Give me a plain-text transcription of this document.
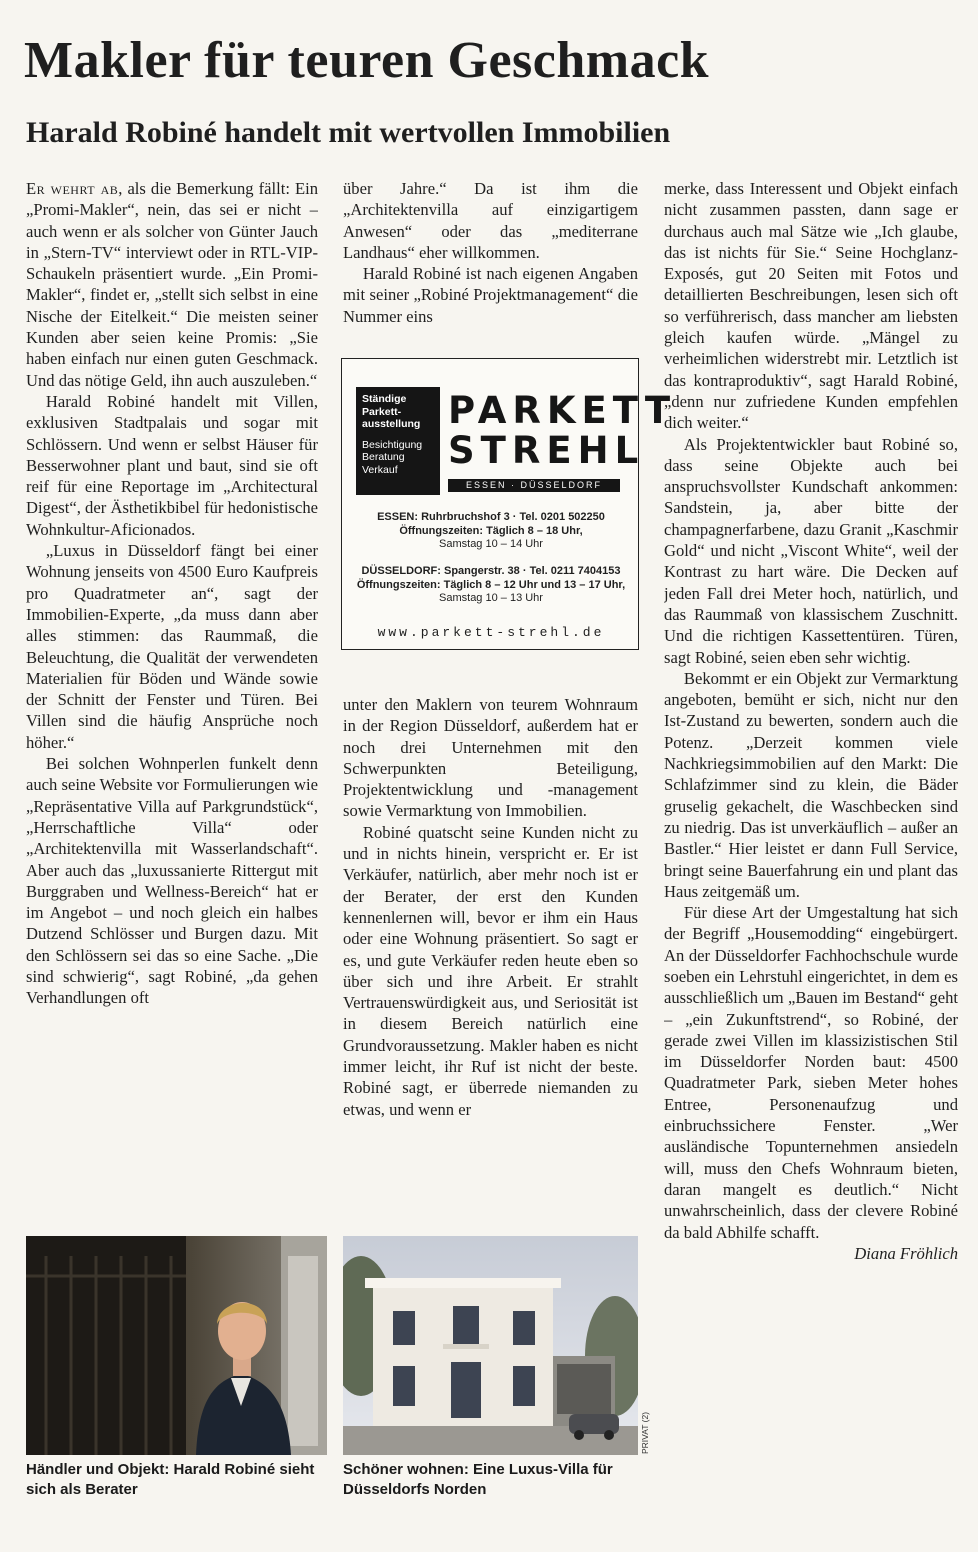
Makler für teuren Geschmack
Harald Robiné handelt mit wertvollen Immobilien

Er wehrt ab, als die Bemerkung fällt: Ein „Promi-Makler“, nein, das sei er nicht – auch wenn er als solcher von Günter Jauch in „Stern-TV“ interviewt oder in RTL-VIP-Schaukeln präsentiert wurde. „Ein Promi-Makler“, findet er, „stellt sich selbst in eine Nische der Eitelkeit.“ Die meisten seiner Kunden aber seien keine Promis: „Sie haben einfach nur einen guten Geschmack. Und das nötige Geld, ihn auch auszuleben.“

Harald Robiné handelt mit Villen, exklusiven Stadtpalais und sogar mit Schlössern. Und wenn er selbst Häuser für Besserwohner plant und baut, sind sie oft reif für eine Reportage im „Architectural Digest“, der Ästhetikbibel für hedonistische Wohnkultur-Aficionados.

„Luxus in Düsseldorf fängt bei einer Wohnung jenseits von 4500 Euro Kaufpreis pro Quadratmeter an“, sagt der Immobilien-Experte, „da muss dann aber alles stimmen: das Raummaß, die Beleuchtung, die Qualität der verwendeten Materialien für Böden und Wände sowie der Schnitt der Fenster und Türen. Bei Villen sind die häufig Ansprüche noch höher.“

Bei solchen Wohnperlen funkelt denn auch seine Website vor Formulierungen wie „Repräsentative Villa auf Parkgrundstück“, „Herrschaftliche Villa“ oder „Architektenvilla mit Wasserlandschaft“. Aber auch das „luxussanierte Rittergut mit Burggraben und Wellness-Bereich“ hat er im Angebot – und noch gleich ein halbes Dutzend Schlösser und Burgen dazu. Mit den Schlössern sei das so eine Sache. „Die sind schwierig“, sagt Robiné, „da gehen Verhandlungen oft

über Jahre.“ Da ist ihm die „Architektenvilla auf einzigartigem Anwesen“ oder das „mediterrane Landhaus“ eher willkommen.

Harald Robiné ist nach eigenen Angaben mit seiner „Robiné Projektmanagement“ die Nummer eins

Ständige Parkett-ausstellung
Besichtigung Beratung Verkauf
PARKETT
STREHL
ESSEN · DÜSSELDORF
ESSEN: Ruhrbruchshof 3 · Tel. 0201 502250
Öffnungszeiten: Täglich 8 – 18 Uhr,
Samstag 10 – 14 Uhr
DÜSSELDORF: Spangerstr. 38 · Tel. 0211 7404153
Öffnungszeiten: Täglich 8 – 12 Uhr und 13 – 17 Uhr,
Samstag 10 – 13 Uhr
www.parkett-strehl.de

unter den Maklern von teurem Wohnraum in der Region Düsseldorf, außerdem hat er noch drei Unternehmen mit den Schwerpunkten Beteiligung, Projektentwicklung und -management sowie Vermarktung von Immobilien.

Robiné quatscht seine Kunden nicht zu und in nichts hinein, verspricht er. Er ist Verkäufer, natürlich, aber mehr noch ist er der Berater, der erst den Kunden kennenlernen will, bevor er ihm ein Haus oder eine Wohnung präsentiert. So sagt er es, und gute Verkäufer reden heute eben so über sich und ihre Arbeit. Er strahlt Vertrauenswürdigkeit aus, und Seriosität ist in diesem Bereich natürlich eine Grundvoraussetzung. Makler haben es nicht immer leicht, ihr Ruf ist nicht der beste. Robiné sagt, er überrede niemanden zu etwas, und wenn er

merke, dass Interessent und Objekt einfach nicht zusammen passten, dann sage er durchaus auch mal Sätze wie „Ich glaube, das ist nichts für Sie.“ Seine Hochglanz-Exposés, gut 20 Seiten mit Fotos und detaillierten Beschreibungen, lesen sich oft so verführerisch, dass mancher am liebsten gleich kaufen würde. „Mängel zu verheimlichen widerstrebt mir. Letztlich ist das kontraproduktiv“, sagt Harald Robiné, „denn nur zufriedene Kunden empfehlen dich weiter.“

Als Projektentwickler baut Robiné so, dass seine Objekte auch bei anspruchsvollster Kundschaft ankommen: Sandstein, ja, aber bitte der champagnerfarbene, dazu Granit „Kaschmir Gold“ und nicht „Viscont White“, weil der Kontrast zu hart wäre. Die Decken auf jeden Fall drei Meter hoch, natürlich, und das Raummaß von klassischem Zuschnitt. Und die richtigen Kassettentüren. Türen, sagt Robiné, seien eben sehr wichtig.

Bekommt er ein Objekt zur Vermarktung angeboten, bemüht er sich, nicht nur den Ist-Zustand zu bewerten, sondern auch die Potenz. „Derzeit kommen viele Nachkriegsimmobilien auf den Markt: Die Schlafzimmer sind zu klein, die Bäder gruselig gekachelt, die Waschbecken sind zu niedrig. Das ist unverkäuflich – außer an Bastler.“ Hier leistet er dann Full Service, bringt seine Bauerfahrung ein und plant das Haus zeitgemäß um.

Für diese Art der Umgestaltung hat sich der Begriff „Housemodding“ eingebürgert. An der Düsseldorfer Fachhochschule wurde soeben ein Lehrstuhl eingerichtet, in dem es ausschließlich um „Bauen im Bestand“ geht – „ein Zukunftstrend“, so Robiné, der gerade zwei Villen im klassizistischen Stil im Düsseldorfer Norden baut: 4500 Quadratmeter Park, sieben Meter hohes Entree, Personenaufzug und einbruchssichere Fenster. „Wer ausländische Topunternehmen ansiedeln will, muss den Chefs Wohnraum bieten, daran mangelt es deutlich.“ Nicht unwahrscheinlich, dass der clevere Robiné da bald Abhilfe schafft.

Diana Fröhlich

PRIVAT (2)
Händler und Objekt: Harald Robiné sieht sich als Berater
Schöner wohnen: Eine Luxus-Villa für Düsseldorfs Norden
